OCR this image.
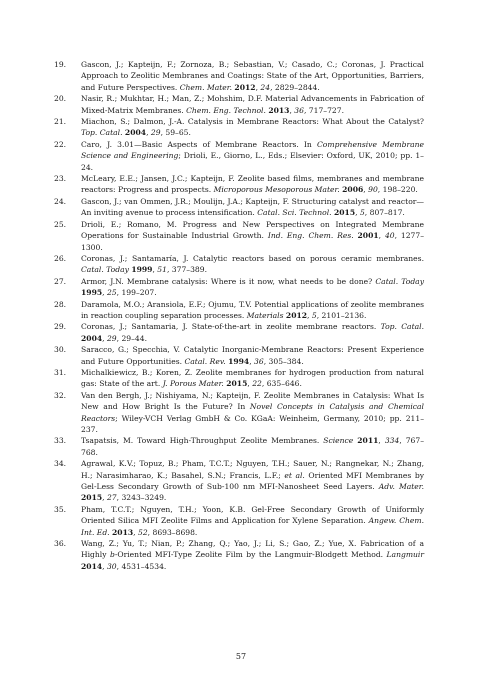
19.	Gascon, J.; Kapteijn, F.; Zornoza, B.; Sebastian, V.; Casado, C.; Coronas, J. Practical Approach to Zeolitic Membranes and Coatings: State of the Art, Opportunities, Barriers, and Future Perspectives. Chem. Mater. 2012, 24, 2829–2844.
20.	Nasir, R.; Mukhtar, H.; Man, Z.; Mohshim, D.F. Material Advancements in Fabrication of Mixed-Matrix Membranes. Chem. Eng. Technol. 2013, 36, 717–727.
21.	Miachon, S.; Dalmon, J.-A. Catalysis in Membrane Reactors: What About the Catalyst? Top. Catal. 2004, 29, 59–65.
22.	Caro, J. 3.01—Basic Aspects of Membrane Reactors. In Comprehensive Membrane Science and Engineering; Drioli, E., Giorno, L., Eds.; Elsevier: Oxford, UK, 2010; pp. 1–24.
23.	McLeary, E.E.; Jansen, J.C.; Kapteijn, F. Zeolite based films, membranes and membrane reactors: Progress and prospects. Microporous Mesoporous Mater. 2006, 90, 198–220.
24.	Gascon, J.; van Ommen, J.R.; Moulijn, J.A.; Kapteijn, F. Structuring catalyst and reactor—An inviting avenue to process intensification. Catal. Sci. Technol. 2015, 5, 807–817.
25.	Drioli, E.; Romano, M. Progress and New Perspectives on Integrated Membrane Operations for Sustainable Industrial Growth. Ind. Eng. Chem. Res. 2001, 40, 1277–1300.
26.	Coronas, J.; Santamaría, J. Catalytic reactors based on porous ceramic membranes. Catal. Today 1999, 51, 377–389.
27.	Armor, J.N. Membrane catalysis: Where is it now, what needs to be done? Catal. Today 1995, 25, 199–207.
28.	Daramola, M.O.; Aransiola, E.F.; Ojumu, T.V. Potential applications of zeolite membranes in reaction coupling separation processes. Materials 2012, 5, 2101–2136.
29.	Coronas, J.; Santamaria, J. State-of-the-art in zeolite membrane reactors. Top. Catal. 2004, 29, 29–44.
30.	Saracco, G.; Specchia, V. Catalytic Inorganic-Membrane Reactors: Present Experience and Future Opportunities. Catal. Rev. 1994, 36, 305–384.
31.	Michalkiewicz, B.; Koren, Z. Zeolite membranes for hydrogen production from natural gas: State of the art. J. Porous Mater. 2015, 22, 635–646.
32.	Van den Bergh, J.; Nishiyama, N.; Kapteijn, F. Zeolite Membranes in Catalysis: What Is New and How Bright Is the Future? In Novel Concepts in Catalysis and Chemical Reactors; Wiley-VCH Verlag GmbH & Co. KGaA: Weinheim, Germany, 2010; pp. 211–237.
33.	Tsapatsis, M. Toward High-Throughput Zeolite Membranes. Science 2011, 334, 767–768.
34.	Agrawal, K.V.; Topuz, B.; Pham, T.C.T.; Nguyen, T.H.; Sauer, N.; Rangnekar, N.; Zhang, H.; Narasimharao, K.; Basahel, S.N.; Francis, L.F.; et al. Oriented MFI Membranes by Gel-Less Secondary Growth of Sub-100 nm MFI-Nanosheet Seed Layers. Adv. Mater. 2015, 27, 3243–3249.
35.	Pham, T.C.T.; Nguyen, T.H.; Yoon, K.B. Gel-Free Secondary Growth of Uniformly Oriented Silica MFI Zeolite Films and Application for Xylene Separation. Angew. Chem. Int. Ed. 2013, 52, 8693–8698.
36.	Wang, Z.; Yu, T.; Nian, P.; Zhang, Q.; Yao, J.; Li, S.; Gao, Z.; Yue, X. Fabrication of a Highly b-Oriented MFI-Type Zeolite Film by the Langmuir-Blodgett Method. Langmuir 2014, 30, 4531–4534.
57
